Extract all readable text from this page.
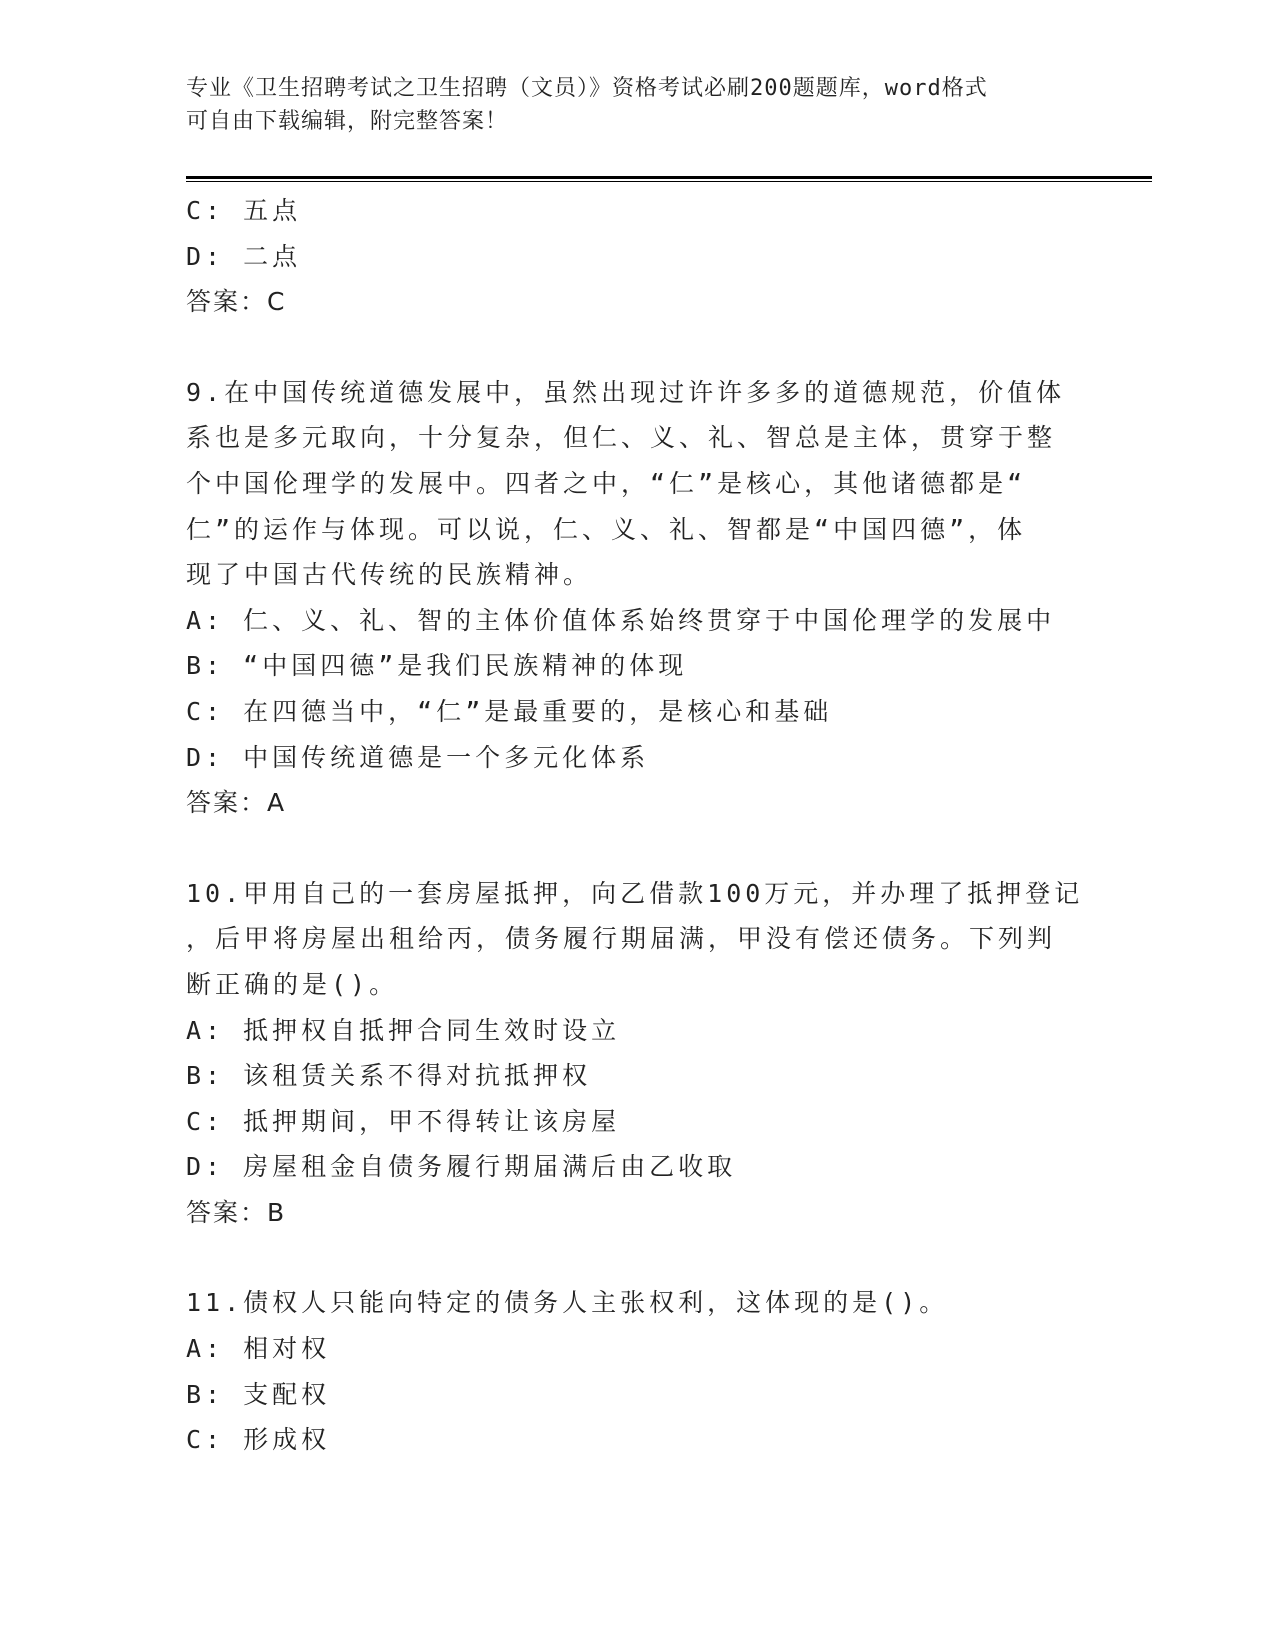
专业《卫生招聘考试之卫生招聘（文员）》资格考试必刷200题题库，word格式
可自由下载编辑，附完整答案！
C: 五点
D: 二点
答案：C
9.在中国传统道德发展中，虽然出现过许许多多的道德规范，价值体
系也是多元取向，十分复杂，但仁、义、礼、智总是主体，贯穿于整
个中国伦理学的发展中。四者之中，“仁”是核心，其他诸德都是“
仁”的运作与体现。可以说，仁、义、礼、智都是“中国四德”，体
现了中国古代传统的民族精神。
A: 仁、义、礼、智的主体价值体系始终贯穿于中国伦理学的发展中
B: “中国四德”是我们民族精神的体现
C: 在四德当中，“仁”是最重要的，是核心和基础
D: 中国传统道德是一个多元化体系
答案：A
10.甲用自己的一套房屋抵押，向乙借款100万元，并办理了抵押登记
，后甲将房屋出租给丙，债务履行期届满，甲没有偿还债务。下列判
断正确的是()。
A: 抵押权自抵押合同生效时设立
B: 该租赁关系不得对抗抵押权
C: 抵押期间，甲不得转让该房屋
D: 房屋租金自债务履行期届满后由乙收取
答案：B
11.债权人只能向特定的债务人主张权利，这体现的是()。
A: 相对权
B: 支配权
C: 形成权
